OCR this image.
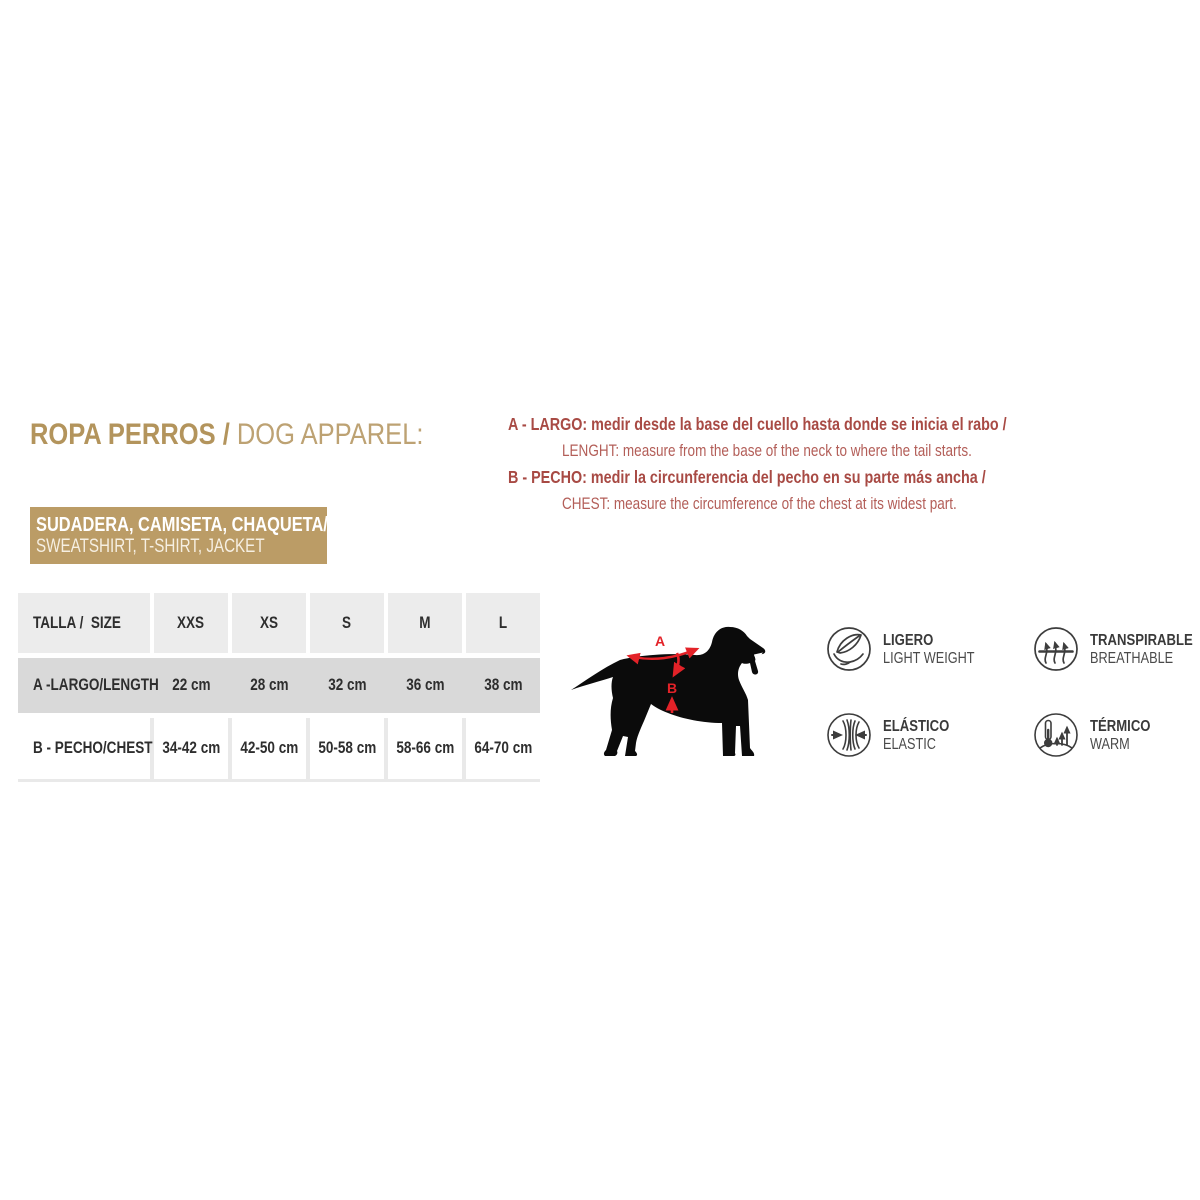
ROPA PERROS / DOG APPAREL:	A - LARGO: medir desde la base del cuello hasta donde se inicia el rabo /
LENGHT: measure from the base of the neck to where the tail starts.
B - PECHO: medir la circunferencia del pecho en su parte más ancha /
CHEST: measure the circumference of the chest at its widest part.
SUDADERA, CAMISETA, CHAQUETA/
SWEATSHIRT, T-SHIRT, JACKET
TALLA /  SIZE	XXS	XS	S	M	L
A -LARGO/LENGTH 22 cm 28 cm 32 cm 36 cm 38 cm
B - PECHO/CHEST 34-42 cm 42-50 cm 50-58 cm 58-66 cm 64-70 cm
A
B
LIGERO
LIGHT WEIGHT
TRANSPIRABLE
BREATHABLE
ELÁSTICO
ELASTIC
TÉRMICO
WARM
